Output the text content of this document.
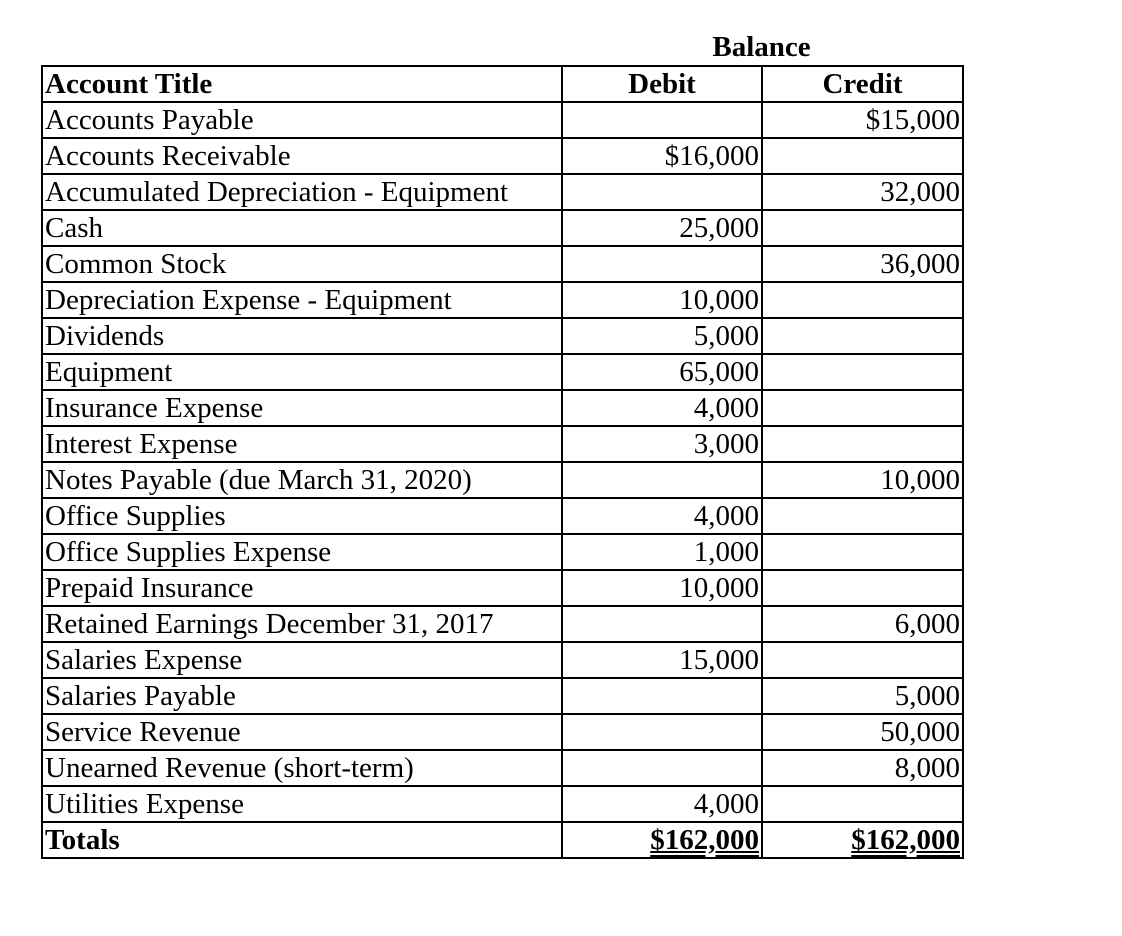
Balance
Account Title	Debit	Credit
Accounts Payable		$15,000
Accounts Receivable	$16,000	
Accumulated Depreciation - Equipment		32,000
Cash	25,000	
Common Stock		36,000
Depreciation Expense - Equipment	10,000	
Dividends	5,000	
Equipment	65,000	
Insurance Expense	4,000	
Interest Expense	3,000	
Notes Payable (due March 31, 2020)		10,000
Office Supplies	4,000	
Office Supplies Expense	1,000	
Prepaid Insurance	10,000	
Retained Earnings December 31, 2017		6,000
Salaries Expense	15,000	
Salaries Payable		5,000
Service Revenue		50,000
Unearned Revenue (short-term)		8,000
Utilities Expense	4,000	
Totals	$162,000	$162,000
